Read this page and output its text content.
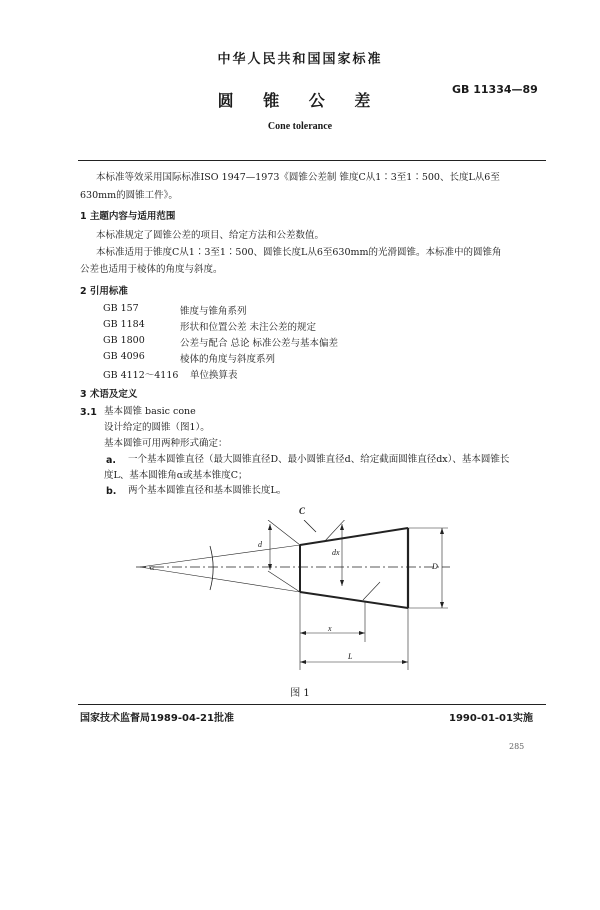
中华人民共和国国家标准
GB 11334—89
圆 锥 公 差
Cone tolerance
本标准等效采用国际标准ISO 1947—1973《圆锥公差制 锥度C从1∶3至1∶500、长度L从6至
630mm的圆锥工件》。
1 主题内容与适用范围
本标准规定了圆锥公差的项目、给定方法和公差数值。
本标准适用于锥度C从1∶3至1∶500、圆锥长度L从6至630mm的光滑圆锥。本标准中的圆锥角
公差也适用于棱体的角度与斜度。
2 引用标准
GB 157	锥度与锥角系列
GB 1184	形状和位置公差 未注公差的规定
GB 1800	公差与配合 总论 标准公差与基本偏差
GB 4096	棱体的角度与斜度系列
GB 4112～4116 单位换算表
3 术语及定义
3.1 基本圆锥 basic cone
设计给定的圆锥（图1）。
基本圆锥可用两种形式确定：
a. 一个基本圆锥直径（最大圆锥直径D、最小圆锥直径d、给定截面圆锥直径dx）、基本圆锥长
度L、基本圆锥角α或基本锥度C；
b. 两个基本圆锥直径和基本圆锥长度L。
C
α
d
dx
D
x
L
图 1
国家技术监督局1989-04-21批准	1990-01-01实施
285
